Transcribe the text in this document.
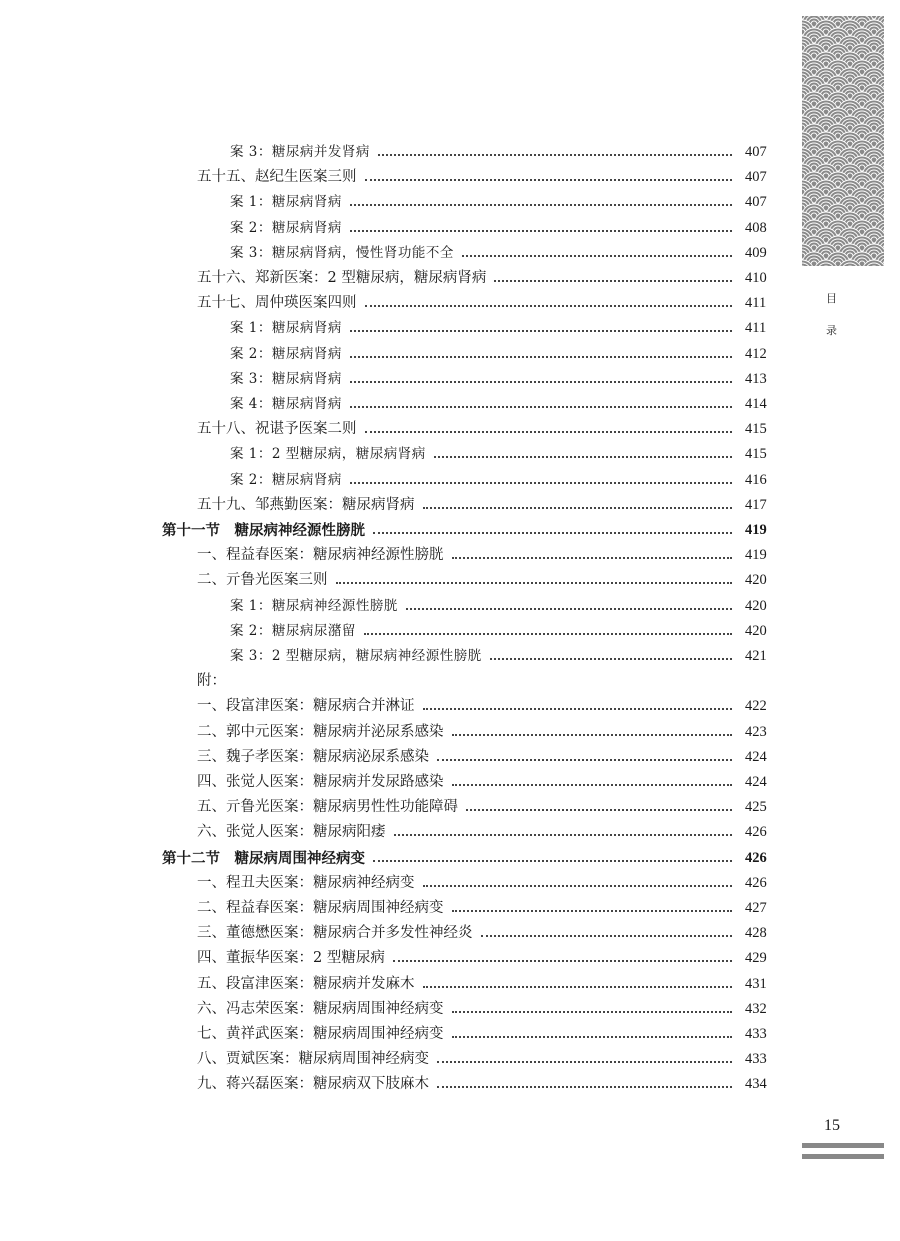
目
录
案 3：糖尿病并发肾病	407
五十五、赵纪生医案三则	407
案 1：糖尿病肾病	407
案 2：糖尿病肾病	408
案 3：糖尿病肾病，慢性肾功能不全	409
五十六、郑新医案：2 型糖尿病，糖尿病肾病	410
五十七、周仲瑛医案四则	411
案 1：糖尿病肾病	411
案 2：糖尿病肾病	412
案 3：糖尿病肾病	413
案 4：糖尿病肾病	414
五十八、祝谌予医案二则	415
案 1：2 型糖尿病，糖尿病肾病	415
案 2：糖尿病肾病	416
五十九、邹燕勤医案：糖尿病肾病	417
第十一节　糖尿病神经源性膀胱	419
一、程益春医案：糖尿病神经源性膀胱	419
二、亓鲁光医案三则	420
案 1：糖尿病神经源性膀胱	420
案 2：糖尿病尿潴留	420
案 3：2 型糖尿病，糖尿病神经源性膀胱	421
附：
一、段富津医案：糖尿病合并淋证	422
二、郭中元医案：糖尿病并泌尿系感染	423
三、魏子孝医案：糖尿病泌尿系感染	424
四、张觉人医案：糖尿病并发尿路感染	424
五、亓鲁光医案：糖尿病男性性功能障碍	425
六、张觉人医案：糖尿病阳痿	426
第十二节　糖尿病周围神经病变	426
一、程丑夫医案：糖尿病神经病变	426
二、程益春医案：糖尿病周围神经病变	427
三、董德懋医案：糖尿病合并多发性神经炎	428
四、董振华医案：2 型糖尿病	429
五、段富津医案：糖尿病并发麻木	431
六、冯志荣医案：糖尿病周围神经病变	432
七、黄祥武医案：糖尿病周围神经病变	433
八、贾斌医案：糖尿病周围神经病变	433
九、蒋兴磊医案：糖尿病双下肢麻木	434
15
